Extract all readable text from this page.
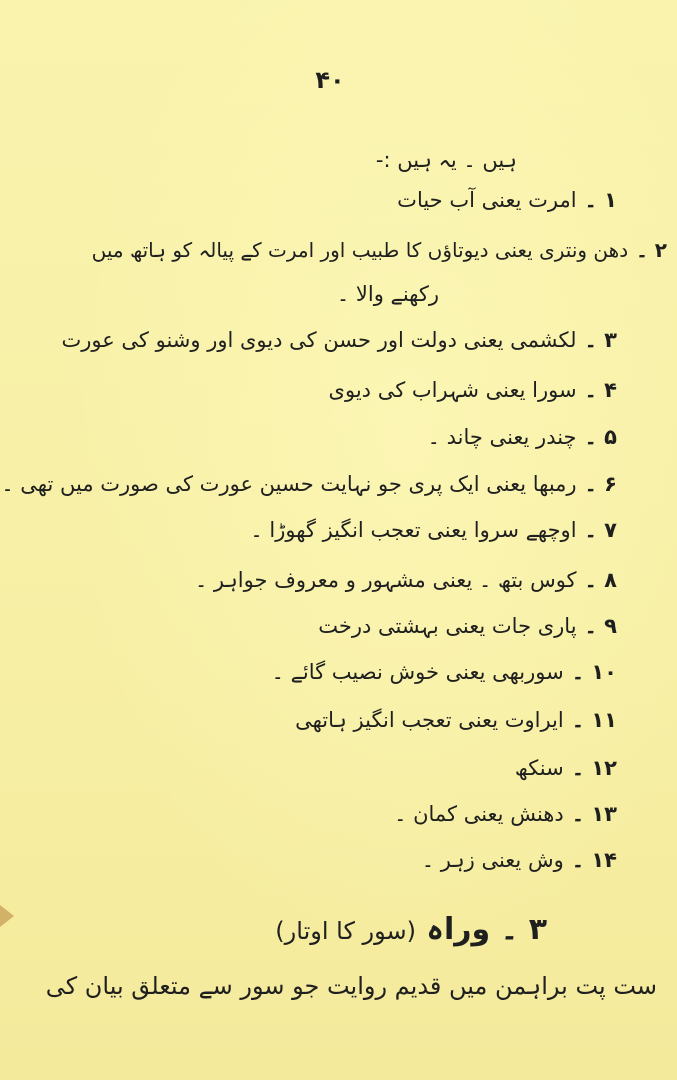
۴۰
ہیں ۔ یہ ہیں :-
۱ ۔امرت یعنی آب حیات
۲ ۔دھن ونتری یعنی دیوتاؤں کا طبیب اور امرت کے پیالہ کو ہاتھ میں
رکھنے والا ۔
۳ ۔لکشمی یعنی دولت اور حسن کی دیوی اور وشنو کی عورت
۴ ۔سورا یعنی شہراب کی دیوی
۵ ۔چندر یعنی چاند ۔
۶ ۔رمبھا یعنی ایک پری جو نہایت حسین عورت کی صورت میں تھی ۔
۷ ۔اوچھے سروا یعنی تعجب انگیز گھوڑا ۔
۸ ۔کوس بتھ ۔ یعنی مشہور و معروف جواہر ۔
۹ ۔پاری جات یعنی بہشتی درخت
۱۰ ۔سوربھی یعنی خوش نصیب گائے ۔
۱۱ ۔ایراوت یعنی تعجب انگیز ہاتھی
۱۲ ۔سنکھ
۱۳ ۔دھنش یعنی کمان ۔
۱۴ ۔وش یعنی زہر ۔
۳ ۔ وراہ (سور کا اوتار)
ست پت براہمن میں قدیم روایت جو سور سے متعلق بیان کی
